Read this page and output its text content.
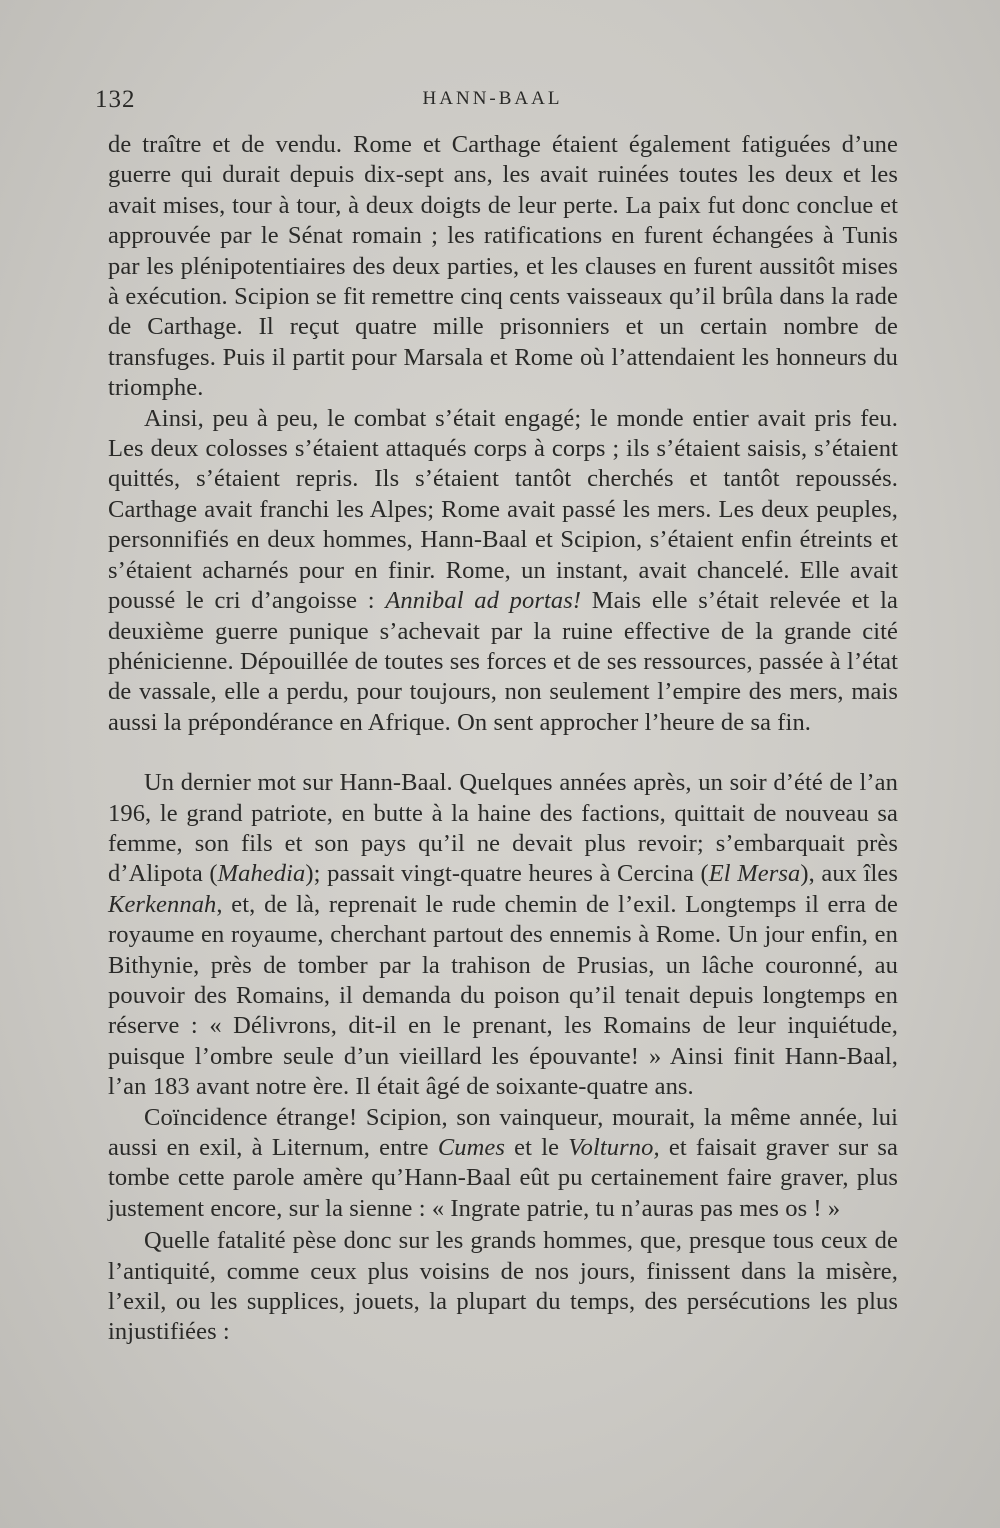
132	HANN-BAAL

de traître et de vendu. Rome et Carthage étaient également fatiguées d’une guerre qui durait depuis dix-sept ans, les avait ruinées toutes les deux et les avait mises, tour à tour, à deux doigts de leur perte. La paix fut donc conclue et approuvée par le Sénat romain ; les ratifications en furent échangées à Tunis par les plénipotentiaires des deux parties, et les clauses en furent aussitôt mises à exécution. Scipion se fit remettre cinq cents vaisseaux qu’il brûla dans la rade de Carthage. Il reçut quatre mille prisonniers et un certain nombre de transfuges. Puis il partit pour Marsala et Rome où l’attendaient les honneurs du triomphe.

Ainsi, peu à peu, le combat s’était engagé; le monde entier avait pris feu. Les deux colosses s’étaient attaqués corps à corps ; ils s’étaient saisis, s’étaient quittés, s’étaient repris. Ils s’étaient tantôt cherchés et tantôt repoussés. Carthage avait franchi les Alpes; Rome avait passé les mers. Les deux peuples, personnifiés en deux hommes, Hann-Baal et Scipion, s’étaient enfin étreints et s’étaient acharnés pour en finir. Rome, un instant, avait chancelé. Elle avait poussé le cri d’angoisse : Annibal ad portas! Mais elle s’était relevée et la deuxième guerre punique s’achevait par la ruine effective de la grande cité phénicienne. Dépouillée de toutes ses forces et de ses ressources, passée à l’état de vassale, elle a perdu, pour toujours, non seulement l’empire des mers, mais aussi la prépondérance en Afrique. On sent approcher l’heure de sa fin.

Un dernier mot sur Hann-Baal. Quelques années après, un soir d’été de l’an 196, le grand patriote, en butte à la haine des factions, quittait de nouveau sa femme, son fils et son pays qu’il ne devait plus revoir; s’embarquait près d’Alipota (Mahedia); passait vingt-quatre heures à Cercina (El Mersa), aux îles Kerkennah, et, de là, reprenait le rude chemin de l’exil. Longtemps il erra de royaume en royaume, cherchant partout des ennemis à Rome. Un jour enfin, en Bithynie, près de tomber par la trahison de Prusias, un lâche couronné, au pouvoir des Romains, il demanda du poison qu’il tenait depuis longtemps en réserve : « Délivrons, dit-il en le prenant, les Romains de leur inquiétude, puisque l’ombre seule d’un vieillard les épouvante! » Ainsi finit Hann-Baal, l’an 183 avant notre ère. Il était âgé de soixante-quatre ans.

Coïncidence étrange! Scipion, son vainqueur, mourait, la même année, lui aussi en exil, à Liternum, entre Cumes et le Volturno, et faisait graver sur sa tombe cette parole amère qu’Hann-Baal eût pu certainement faire graver, plus justement encore, sur la sienne : « Ingrate patrie, tu n’auras pas mes os ! »

Quelle fatalité pèse donc sur les grands hommes, que, presque tous ceux de l’antiquité, comme ceux plus voisins de nos jours, finissent dans la misère, l’exil, ou les supplices, jouets, la plupart du temps, des persécutions les plus injustifiées :
